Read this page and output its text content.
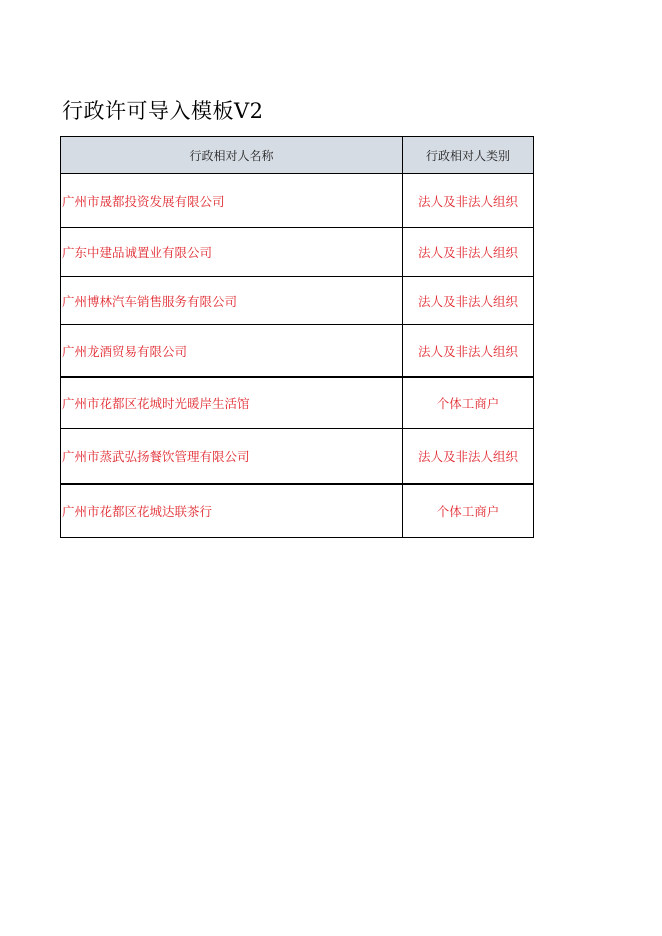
行政许可导入模板V2
行政相对人名称	行政相对人类别
广州市晟都投资发展有限公司	法人及非法人组织
广东中建品诚置业有限公司	法人及非法人组织
广州博林汽车销售服务有限公司	法人及非法人组织
广州龙酒贸易有限公司	法人及非法人组织
广州市花都区花城时光暖岸生活馆	个体工商户
广州市蒸武弘扬餐饮管理有限公司	法人及非法人组织
广州市花都区花城达联茶行	个体工商户
